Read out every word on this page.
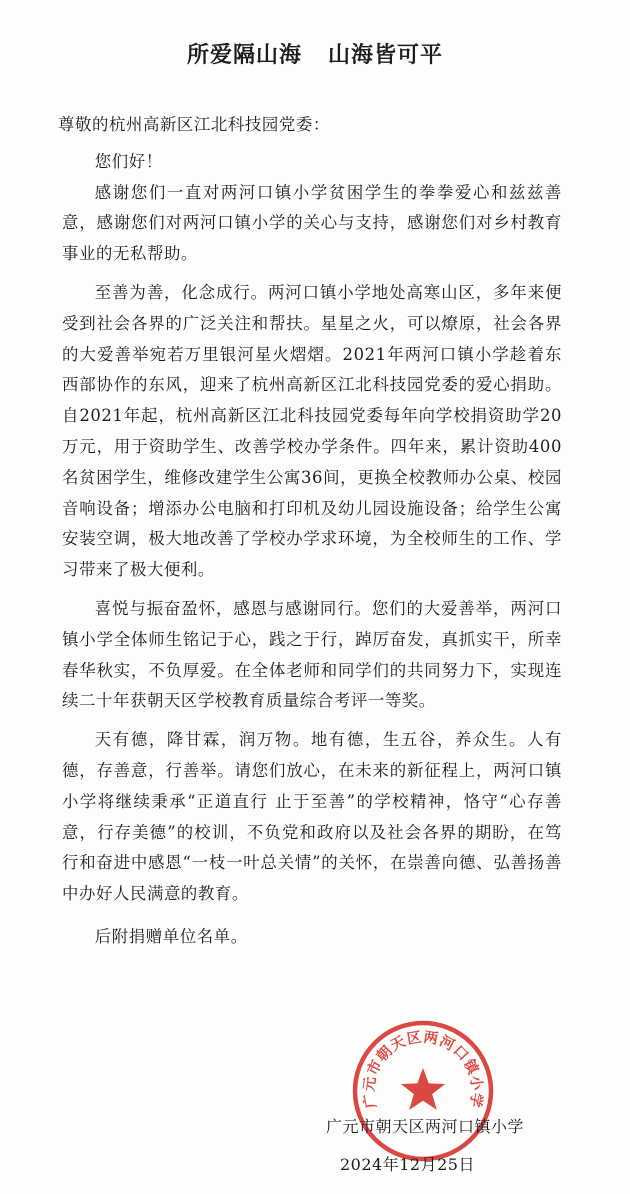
所爱隔山海 山海皆可平

尊敬的杭州高新区江北科技园党委：

您们好！

感谢您们一直对两河口镇小学贫困学生的拳拳爱心和兹兹善意，感谢您们对两河口镇小学的关心与支持，感谢您们对乡村教育事业的无私帮助。

至善为善，化念成行。两河口镇小学地处高寒山区，多年来便受到社会各界的广泛关注和帮扶。星星之火，可以燎原，社会各界的大爱善举宛若万里银河星火熠熠。2021年两河口镇小学趁着东西部协作的东风，迎来了杭州高新区江北科技园党委的爱心捐助。自2021年起，杭州高新区江北科技园党委每年向学校捐资助学20万元，用于资助学生、改善学校办学条件。四年来，累计资助400名贫困学生，维修改建学生公寓36间，更换全校教师办公桌、校园音响设备；增添办公电脑和打印机及幼儿园设施设备；给学生公寓安装空调，极大地改善了学校办学求环境，为全校师生的工作、学习带来了极大便利。

喜悦与振奋盈怀，感恩与感谢同行。您们的大爱善举，两河口镇小学全体师生铭记于心，践之于行，踔厉奋发，真抓实干，所幸春华秋实，不负厚爱。在全体老师和同学们的共同努力下，实现连续二十年获朝天区学校教育质量综合考评一等奖。

天有德，降甘霖，润万物。地有德，生五谷，养众生。人有德，存善意，行善举。请您们放心，在未来的新征程上，两河口镇小学将继续秉承“正道直行 止于至善”的学校精神，恪守“心存善意，行存美德”的校训，不负党和政府以及社会各界的期盼，在笃行和奋进中感恩“一枝一叶总关情”的关怀，在崇善向德、弘善扬善中办好人民满意的教育。

后附捐赠单位名单。

广元市朝天区两河口镇小学
广元市朝天区两河口镇小学
2024年12月25日
